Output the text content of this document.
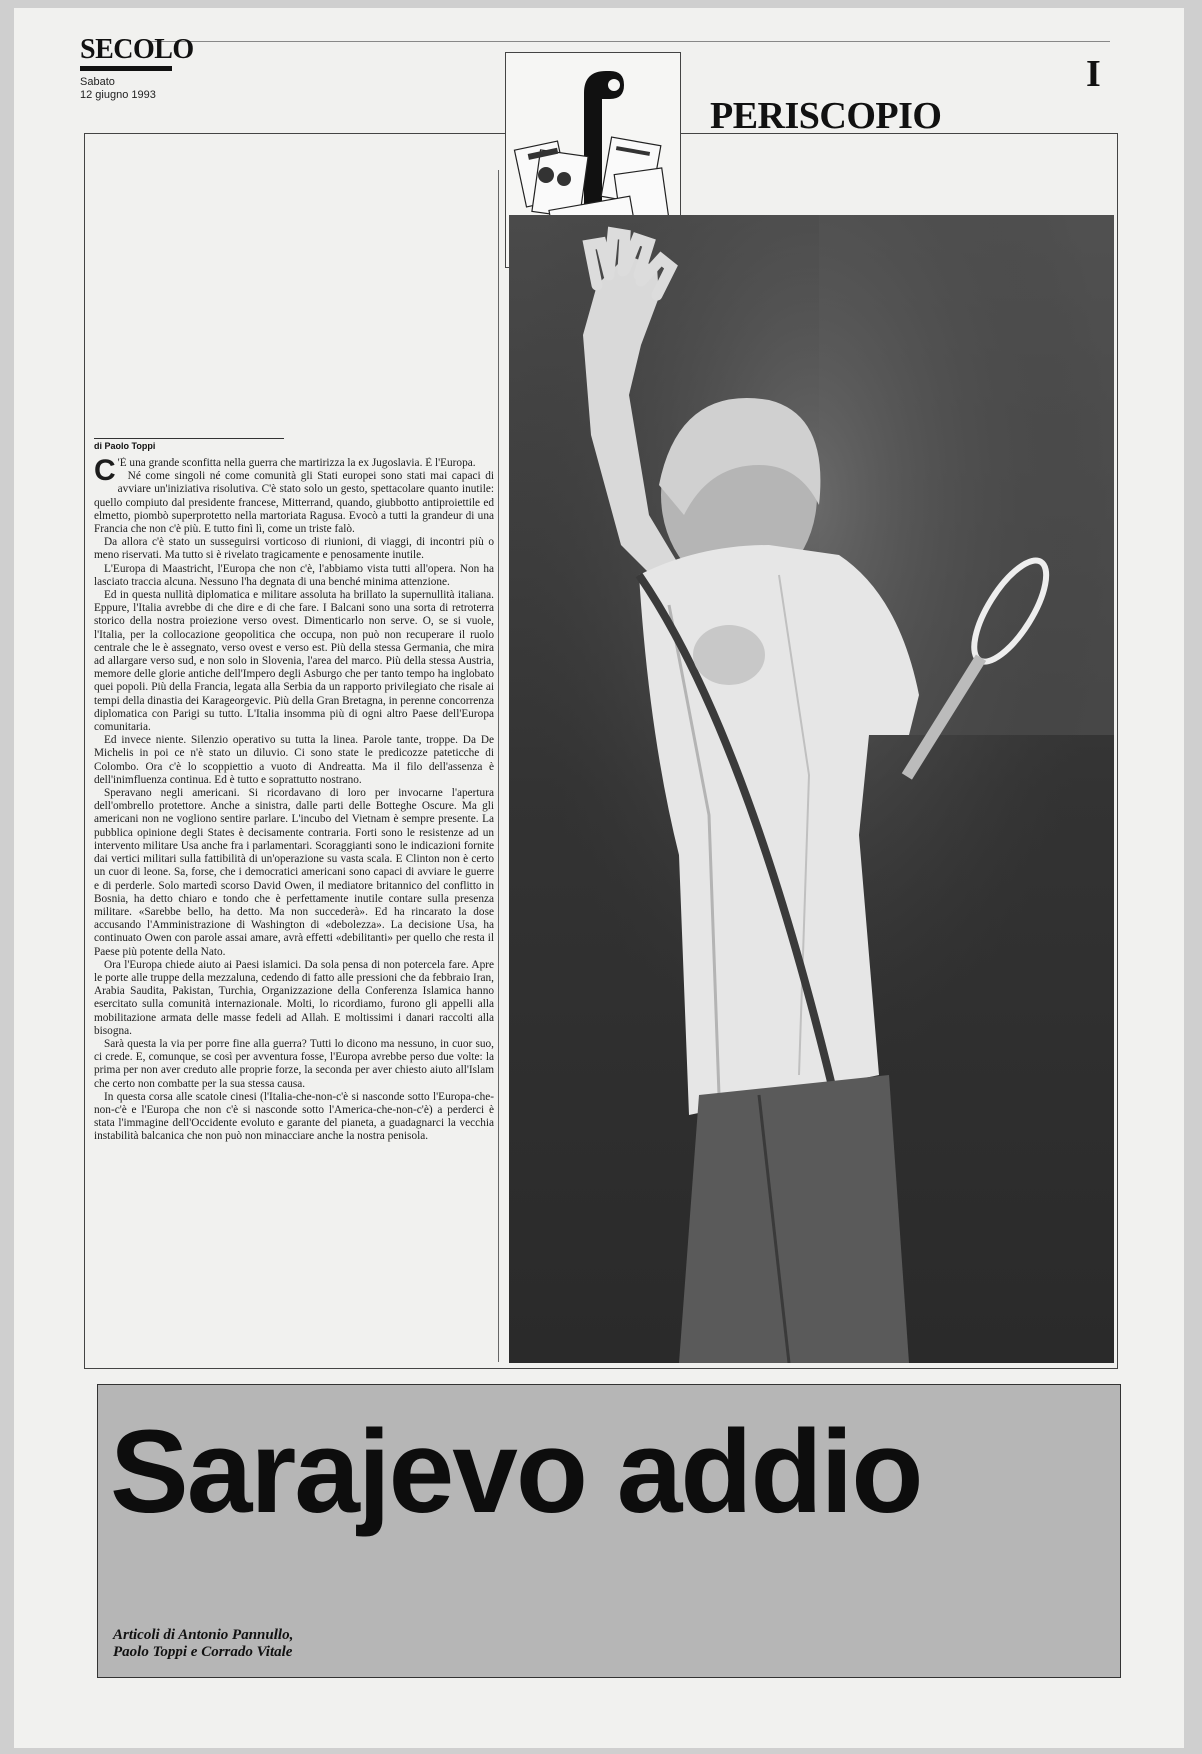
SECOLO
Sabato
12 giugno 1993	I
PERISCOPIO
di Paolo Toppi

C 'È una grande sconfitta nella guerra che martirizza la ex Jugoslavia. È l'Europa.

Né come singoli né come comunità gli Stati europei sono stati mai capaci di avviare un'iniziativa risolutiva. C'è stato solo un gesto, spettacolare quanto inutile: quello compiuto dal presidente francese, Mitterrand, quando, giubbotto antiproiettile ed elmetto, piombò superprotetto nella martoriata Ragusa. Evocò a tutti la grandeur di una Francia che non c'è più. E tutto finì lì, come un triste falò.

Da allora c'è stato un susseguirsi vorticoso di riunioni, di viaggi, di incontri più o meno riservati. Ma tutto si è rivelato tragicamente e penosamente inutile.

L'Europa di Maastricht, l'Europa che non c'è, l'abbiamo vista tutti all'opera. Non ha lasciato traccia alcuna. Nessuno l'ha degnata di una benché minima attenzione.

Ed in questa nullità diplomatica e militare assoluta ha brillato la supernullità italiana. Eppure, l'Italia avrebbe di che dire e di che fare. I Balcani sono una sorta di retroterra storico della nostra proiezione verso ovest. Dimenticarlo non serve. O, se si vuole, l'Italia, per la collocazione geopolitica che occupa, non può non recuperare il ruolo centrale che le è assegnato, verso ovest e verso est. Più della stessa Germania, che mira ad allargare verso sud, e non solo in Slovenia, l'area del marco. Più della stessa Austria, memore delle glorie antiche dell'Impero degli Asburgo che per tanto tempo ha inglobato quei popoli. Più della Francia, legata alla Serbia da un rapporto privilegiato che risale ai tempi della dinastia dei Karageorgevic. Più della Gran Bretagna, in perenne concorrenza diplomatica con Parigi su tutto. L'Italia insomma più di ogni altro Paese dell'Europa comunitaria.

Ed invece niente. Silenzio operativo su tutta la linea. Parole tante, troppe. Da De Michelis in poi ce n'è stato un diluvio. Ci sono state le predicozze pateticche di Colombo. Ora c'è lo scoppiettio a vuoto di Andreatta. Ma il filo dell'assenza è dell'inimfluenza continua. Ed è tutto e soprattutto nostrano.

Speravano negli americani. Si ricordavano di loro per invocarne l'apertura dell'ombrello protettore. Anche a sinistra, dalle parti delle Botteghe Oscure. Ma gli americani non ne vogliono sentire parlare. L'incubo del Vietnam è sempre presente. La pubblica opinione degli States è decisamente contraria. Forti sono le resistenze ad un intervento militare Usa anche fra i parlamentari. Scoraggianti sono le indicazioni fornite dai vertici militari sulla fattibilità di un'operazione su vasta scala. E Clinton non è certo un cuor di leone. Sa, forse, che i democratici americani sono capaci di avviare le guerre e di perderle. Solo martedì scorso David Owen, il mediatore britannico del conflitto in Bosnia, ha detto chiaro e tondo che è perfettamente inutile contare sulla presenza militare. «Sarebbe bello, ha detto. Ma non succederà». Ed ha rincarato la dose accusando l'Amministrazione di Washington di «debolezza». La decisione Usa, ha continuato Owen con parole assai amare, avrà effetti «debilitanti» per quello che resta il Paese più potente della Nato.

Ora l'Europa chiede aiuto ai Paesi islamici. Da sola pensa di non potercela fare. Apre le porte alle truppe della mezzaluna, cedendo di fatto alle pressioni che da febbraio Iran, Arabia Saudita, Pakistan, Turchia, Organizzazione della Conferenza Islamica hanno esercitato sulla comunità internazionale. Molti, lo ricordiamo, furono gli appelli alla mobilitazione armata delle masse fedeli ad Allah. E moltissimi i danari raccolti alla bisogna.

Sarà questa la via per porre fine alla guerra? Tutti lo dicono ma nessuno, in cuor suo, ci crede. E, comunque, se così per avventura fosse, l'Europa avrebbe perso due volte: la prima per non aver creduto alle proprie forze, la seconda per aver chiesto aiuto all'Islam che certo non combatte per la sua stessa causa.

In questa corsa alle scatole cinesi (l'Italia-che-non-c'è si nasconde sotto l'Europa-che-non-c'è e l'Europa che non c'è si nasconde sotto l'America-che-non-c'è) a perderci è stata l'immagine dell'Occidente evoluto e garante del pianeta, a guadagnarci la vecchia instabilità balcanica che non può non minacciare anche la nostra penisola.

Sarajevo addio
Articoli di Antonio Pannullo,
Paolo Toppi e Corrado Vitale
